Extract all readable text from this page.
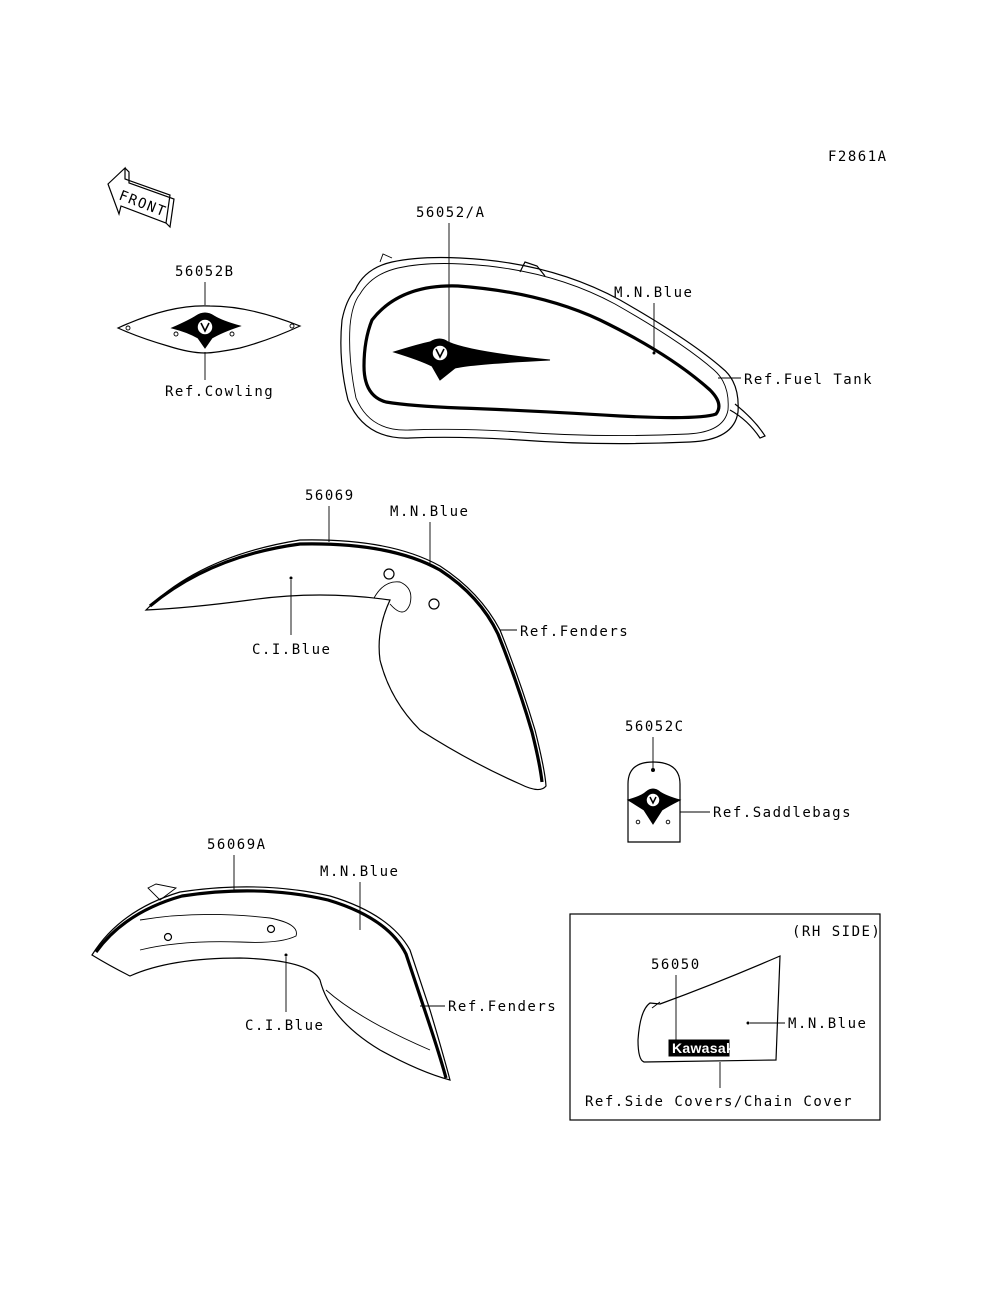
F2861A
FRONT
56052B
Ref.Cowling
56052/A
M.N.Blue
Ref.Fuel Tank
56069
M.N.Blue
C.I.Blue
Ref.Fenders
56052C
Ref.Saddlebags
56069A
M.N.Blue
C.I.Blue
Ref.Fenders
(RH SIDE)
56050
Kawasaki
M.N.Blue
Ref.Side Covers/Chain Cover
